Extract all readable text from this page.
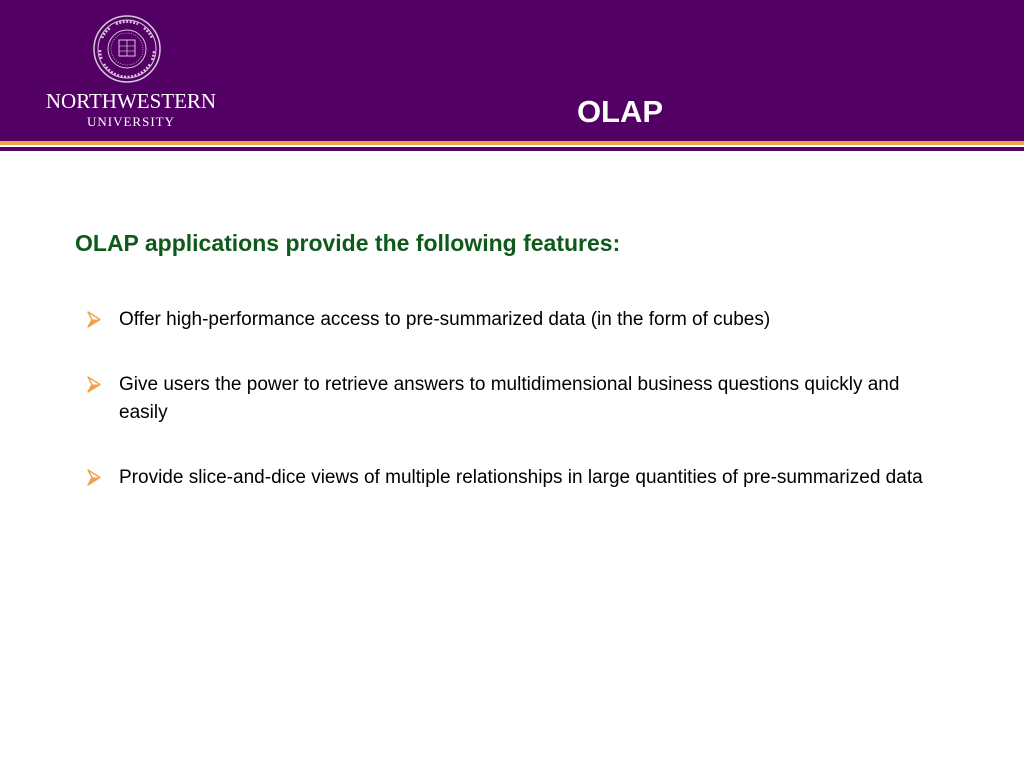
NORTHWESTERN
UNIVERSITY	OLAP
OLAP applications provide the following features:
Offer high-performance access to pre-summarized data (in the form of cubes)
Give users the power to retrieve answers to multidimensional business questions quickly and easily
Provide slice-and-dice views of multiple relationships in large quantities of pre-summarized data
